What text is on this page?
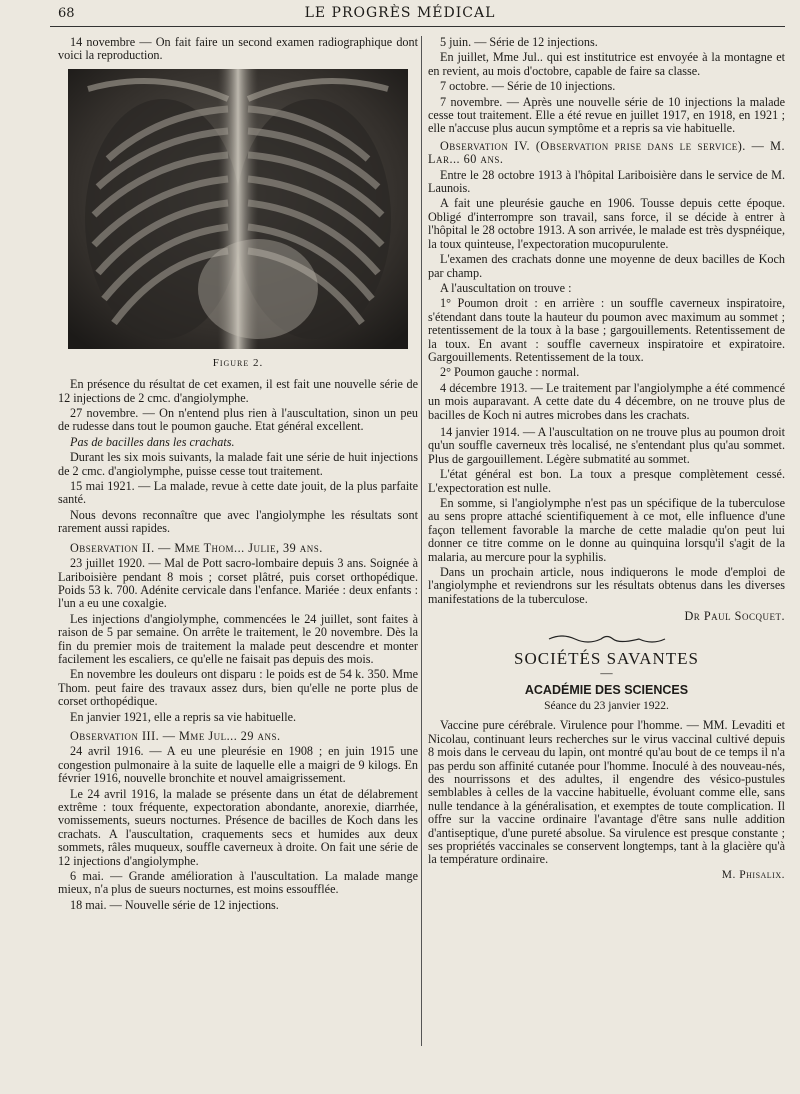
68	LE PROGRÈS MÉDICAL

14 novembre — On fait faire un second examen radiographique dont voici la reproduction.

Figure 2.

En présence du résultat de cet examen, il est fait une nouvelle série de 12 injections de 2 cmc. d'angiolymphe.

27 novembre. — On n'entend plus rien à l'auscultation, sinon un peu de rudesse dans tout le poumon gauche. Etat général excellent.

Pas de bacilles dans les crachats.

Durant les six mois suivants, la malade fait une série de huit injections de 2 cmc. d'angiolymphe, puisse cesse tout traitement.

15 mai 1921. — La malade, revue à cette date jouit, de la plus parfaite santé.

Nous devons reconnaître que avec l'angiolymphe les résultats sont rarement aussi rapides.

Observation II. — Mme Thom... Julie, 39 ans.

23 juillet 1920. — Mal de Pott sacro-lombaire depuis 3 ans. Soignée à Lariboisière pendant 8 mois ; corset plâtré, puis corset orthopédique. Poids 53 k. 700. Adénite cervicale dans l'enfance. Mariée : deux enfants : l'un a eu une coxalgie.

Les injections d'angiolymphe, commencées le 24 juillet, sont faites à raison de 5 par semaine. On arrête le traitement, le 20 novembre. Dès la fin du premier mois de traitement la malade peut descendre et monter facilement les escaliers, ce qu'elle ne faisait pas depuis des mois.

En novembre les douleurs ont disparu : le poids est de 54 k. 350. Mme Thom. peut faire des travaux assez durs, bien qu'elle ne porte plus de corset orthopédique.

En janvier 1921, elle a repris sa vie habituelle.

Observation III. — Mme Jul... 29 ans.

24 avril 1916. — A eu une pleurésie en 1908 ; en juin 1915 une congestion pulmonaire à la suite de laquelle elle a maigri de 9 kilogs. En février 1916, nouvelle bronchite et nouvel amaigrissement.

Le 24 avril 1916, la malade se présente dans un état de délabrement extrême : toux fréquente, expectoration abondante, anorexie, diarrhée, vomissements, sueurs nocturnes. Présence de bacilles de Koch dans les crachats. A l'auscultation, craquements secs et humides aux deux sommets, râles muqueux, souffle caverneux à droite. On fait une série de 12 injections d'angiolymphe.

6 mai. — Grande amélioration à l'auscultation. La malade mange mieux, n'a plus de sueurs nocturnes, est moins essoufflée.

18 mai. — Nouvelle série de 12 injections.

5 juin. — Série de 12 injections.

En juillet, Mme Jul.. qui est institutrice est envoyée à la montagne et en revient, au mois d'octobre, capable de faire sa classe.

7 octobre. — Série de 10 injections.

7 novembre. — Après une nouvelle série de 10 injections la malade cesse tout traitement. Elle a été revue en juillet 1917, en 1918, en 1921 ; elle n'accuse plus aucun symptôme et a repris sa vie habituelle.

Observation IV. (Observation prise dans le service). — M. Lar... 60 ans.

Entre le 28 octobre 1913 à l'hôpital Lariboisière dans le service de M. Launois.

A fait une pleurésie gauche en 1906. Tousse depuis cette époque. Obligé d'interrompre son travail, sans force, il se décide à entrer à l'hôpital le 28 octobre 1913. A son arrivée, le malade est très dyspnéique, la toux quinteuse, l'expectoration mucopurulente.

L'examen des crachats donne une moyenne de deux bacilles de Koch par champ.

A l'auscultation on trouve :

1° Poumon droit : en arrière : un souffle caverneux inspiratoire, s'étendant dans toute la hauteur du poumon avec maximum au sommet ; retentissement de la toux à la base ; gargouillements. Retentissement de la toux. En avant : souffle caverneux inspiratoire et expiratoire. Gargouillements. Retentissement de la toux.

2° Poumon gauche : normal.

4 décembre 1913. — Le traitement par l'angiolymphe a été commencé un mois auparavant. A cette date du 4 décembre, on ne trouve plus de bacilles de Koch ni autres microbes dans les crachats.

14 janvier 1914. — A l'auscultation on ne trouve plus au poumon droit qu'un souffle caverneux très localisé, ne s'entendant plus qu'au sommet. Plus de gargouillement. Légère submatité au sommet.

L'état général est bon. La toux a presque complètement cessé. L'expectoration est nulle.

En somme, si l'angiolymphe n'est pas un spécifique de la tuberculose au sens propre attaché scientifiquement à ce mot, elle influence d'une façon tellement favorable la marche de cette maladie qu'on peut lui donner ce titre comme on le donne au quinquina lorsqu'il s'agit de la malaria, au mercure pour la syphilis.

Dans un prochain article, nous indiquerons le mode d'emploi de l'angiolymphe et reviendrons sur les résultats obtenus dans les diverses manifestations de la tuberculose.

Dr Paul Socquet.
SOCIÉTÉS SAVANTES
—
ACADÉMIE DES SCIENCES
Séance du 23 janvier 1922.

Vaccine pure cérébrale. Virulence pour l'homme. — MM. Levaditi et Nicolau, continuant leurs recherches sur le virus vaccinal cultivé depuis 8 mois dans le cerveau du lapin, ont montré qu'au bout de ce temps il n'a pas perdu son affinité cutanée pour l'homme. Inoculé à des nouveau-nés, des nourrissons et des adultes, il engendre des vésico-pustules semblables à celles de la vaccine habituelle, évoluant comme elle, sans nulle tendance à la généralisation, et exemptes de toute complication. Il offre sur la vaccine ordinaire l'avantage d'être sans nulle addition d'antiseptique, d'une pureté absolue. Sa virulence est presque constante ; ses propriétés vaccinales se conservent longtemps, tant à la glacière qu'à la température ordinaire.

M. Phisalix.
